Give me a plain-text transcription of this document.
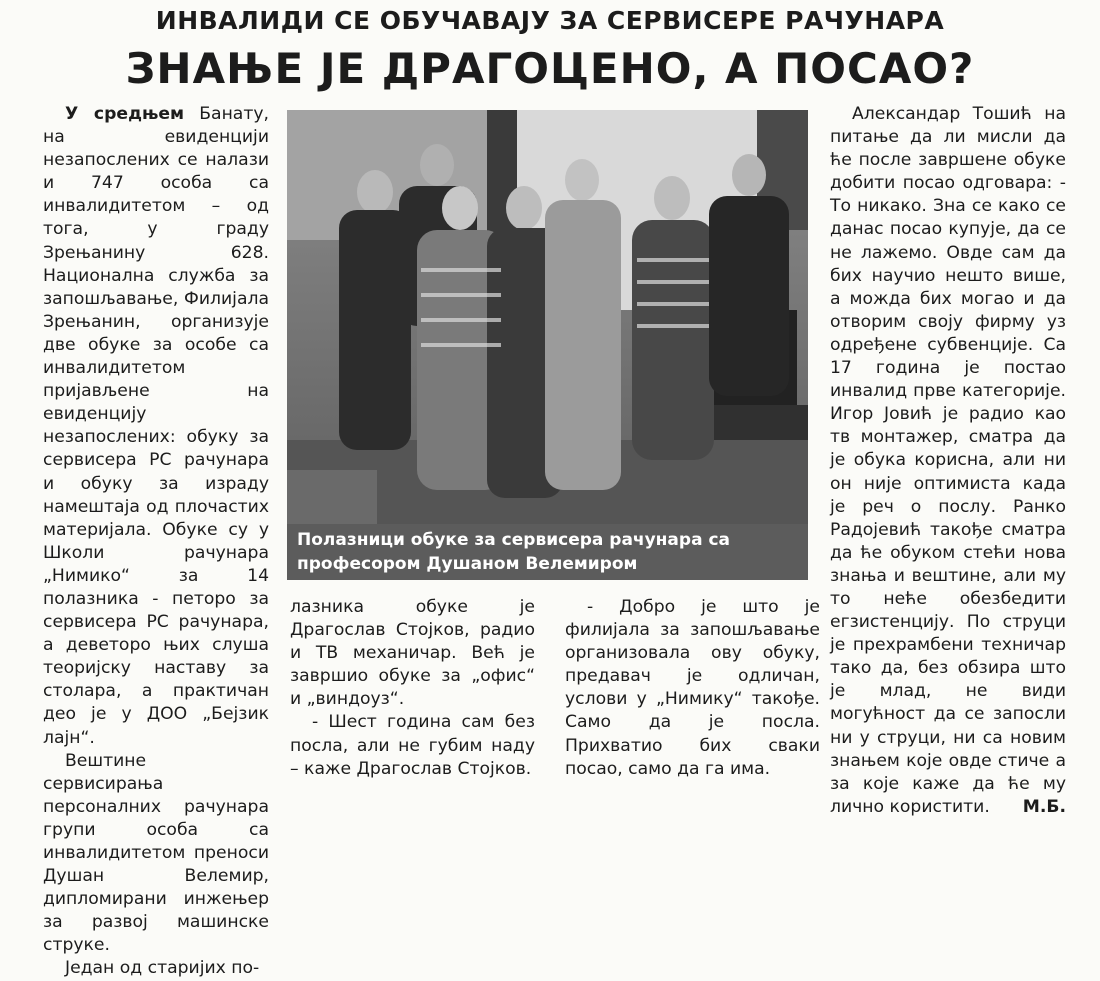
ИНВАЛИДИ СЕ ОБУЧАВАЈУ ЗА СЕРВИСЕРЕ РАЧУНАРА
ЗНАЊЕ ЈЕ ДРАГОЦЕНО, А ПОСАО?

У средњем Банату, на евиденцији незапослених се налази и 747 особа са инвалидитетом – од тога, у граду Зрењанину 628. Национална служба за запошљавање, Филијала Зрењанин, организује две обуке за особе са инвалидитетом пријављене на евиденцију незапослених: обуку за сервисера PC рачунара и обуку за израду намештаја од плочастих материјала. Обуке су у Школи рачунара „Нимико“ за 14 полазника - петоро за сервисера PC рачунара, а деветоро њих слуша теоријску наставу за столара, а практичан део је у ДОО „Бејзик лајн“.

Вештине сервисирања персоналних рачунара групи особа са инвалидитетом преноси Душан Велемир, дипломирани инжењер за развој машинске струке.

Један од старијих по-

Полазници обуке за сервисера рачунара са професором Душаном Велемиром

лазника обуке је Драгослав Стојков, радио и ТВ механичар. Већ је завршио обуке за „офис“ и „виндоуз“.

- Шест година сам без посла, али не губим наду – каже Драгослав Стојков.

- Добро је што је филијала за запошљавање организовала ову обуку, предавач је одличан, услови у „Нимику“ такође. Само да је посла. Прихватио бих сваки посао, само да га има.

Александар Тошић на питање да ли мисли да ће после завршене обуке добити посао одговара: - То никако. Зна се како се данас посао купује, да се не лажемо. Овде сам да бих научио нешто више, а можда бих могао и да отворим своју фирму уз одређене субвенције. Са 17 година је постао инвалид прве категорије. Игор Јовић је радио као тв монтажер, сматра да је обука корисна, али ни он није оптимиста када је реч о послу. Ранко Радојевић такође сматра да ће обуком стећи нова знања и вештине, али му то неће обезбедити егзистенцију. По струци је прехрамбени техничар тако да, без обзира што је млад, не види могућност да се запосли ни у струци, ни са новим знањем које овде стиче а за које каже да ће му лично користити.	М.Б.
